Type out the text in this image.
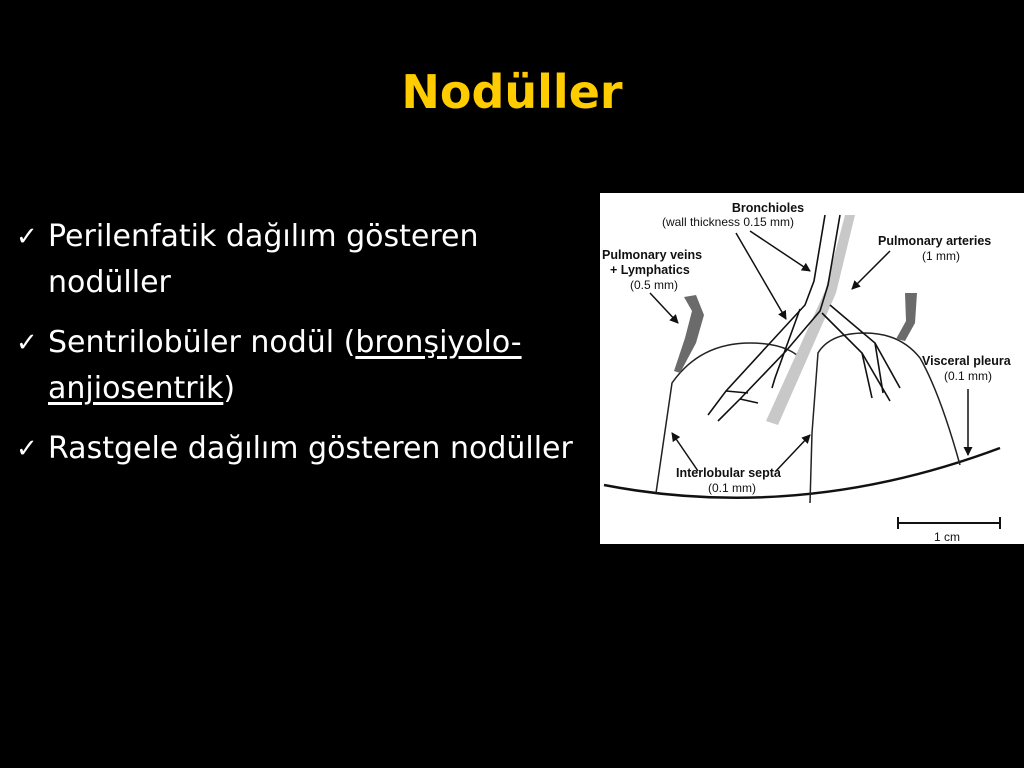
Nodüller
✓ Perilenfatik dağılım gösteren nodüller
✓ Sentrilobüler nodül (bronşiyolo-anjiosentrik)
✓ Rastgele dağılım gösteren nodüller
Bronchioles
(wall thickness 0.15 mm)
Pulmonary veins
+ Lymphatics
(0.5 mm)
Pulmonary arteries
(1 mm)
Visceral pleura
(0.1 mm)
Interlobular septa
(0.1 mm)
1 cm
